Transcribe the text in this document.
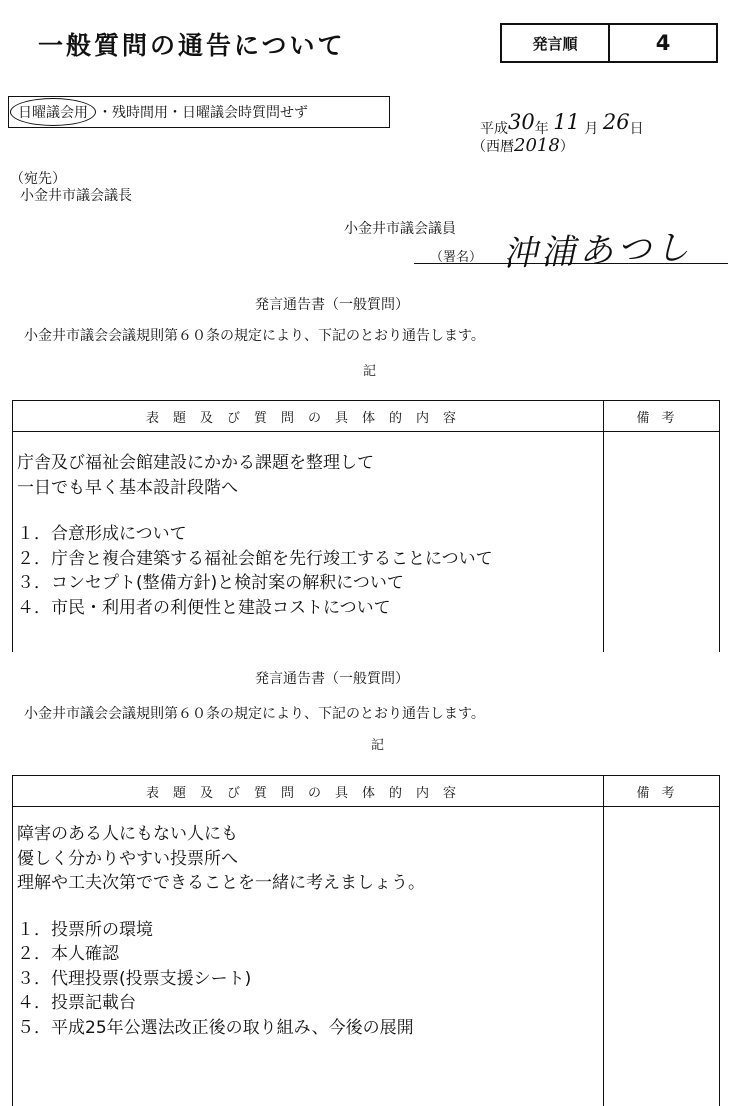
一般質問の通告について	発言順	4
日曜議会用 ・残時間用・日曜議会時質問せず
平成30年 11 月 26日
（西暦2018）
（宛先）
小金井市議会議長
小金井市議会議員
（署名） 沖浦あつし
発言通告書（一般質問）
小金井市議会会議規則第６０条の規定により、下記のとおり通告します。
記
表題及び質問の具体的内容	備考

庁舎及び福祉会館建設にかかる課題を整理して

一日でも早く基本設計段階へ

１．合意形成について

２．庁舎と複合建築する福祉会館を先行竣工することについて

３．コンセプト(整備方針)と検討案の解釈について

４．市民・利用者の利便性と建設コストについて

発言通告書（一般質問）
小金井市議会会議規則第６０条の規定により、下記のとおり通告します。
記
表題及び質問の具体的内容	備考

障害のある人にもない人にも

優しく分かりやすい投票所へ

理解や工夫次第でできることを一緒に考えましょう。

１．投票所の環境

２．本人確認

３．代理投票(投票支援シート)

４．投票記載台

５．平成25年公選法改正後の取り組み、今後の展開
